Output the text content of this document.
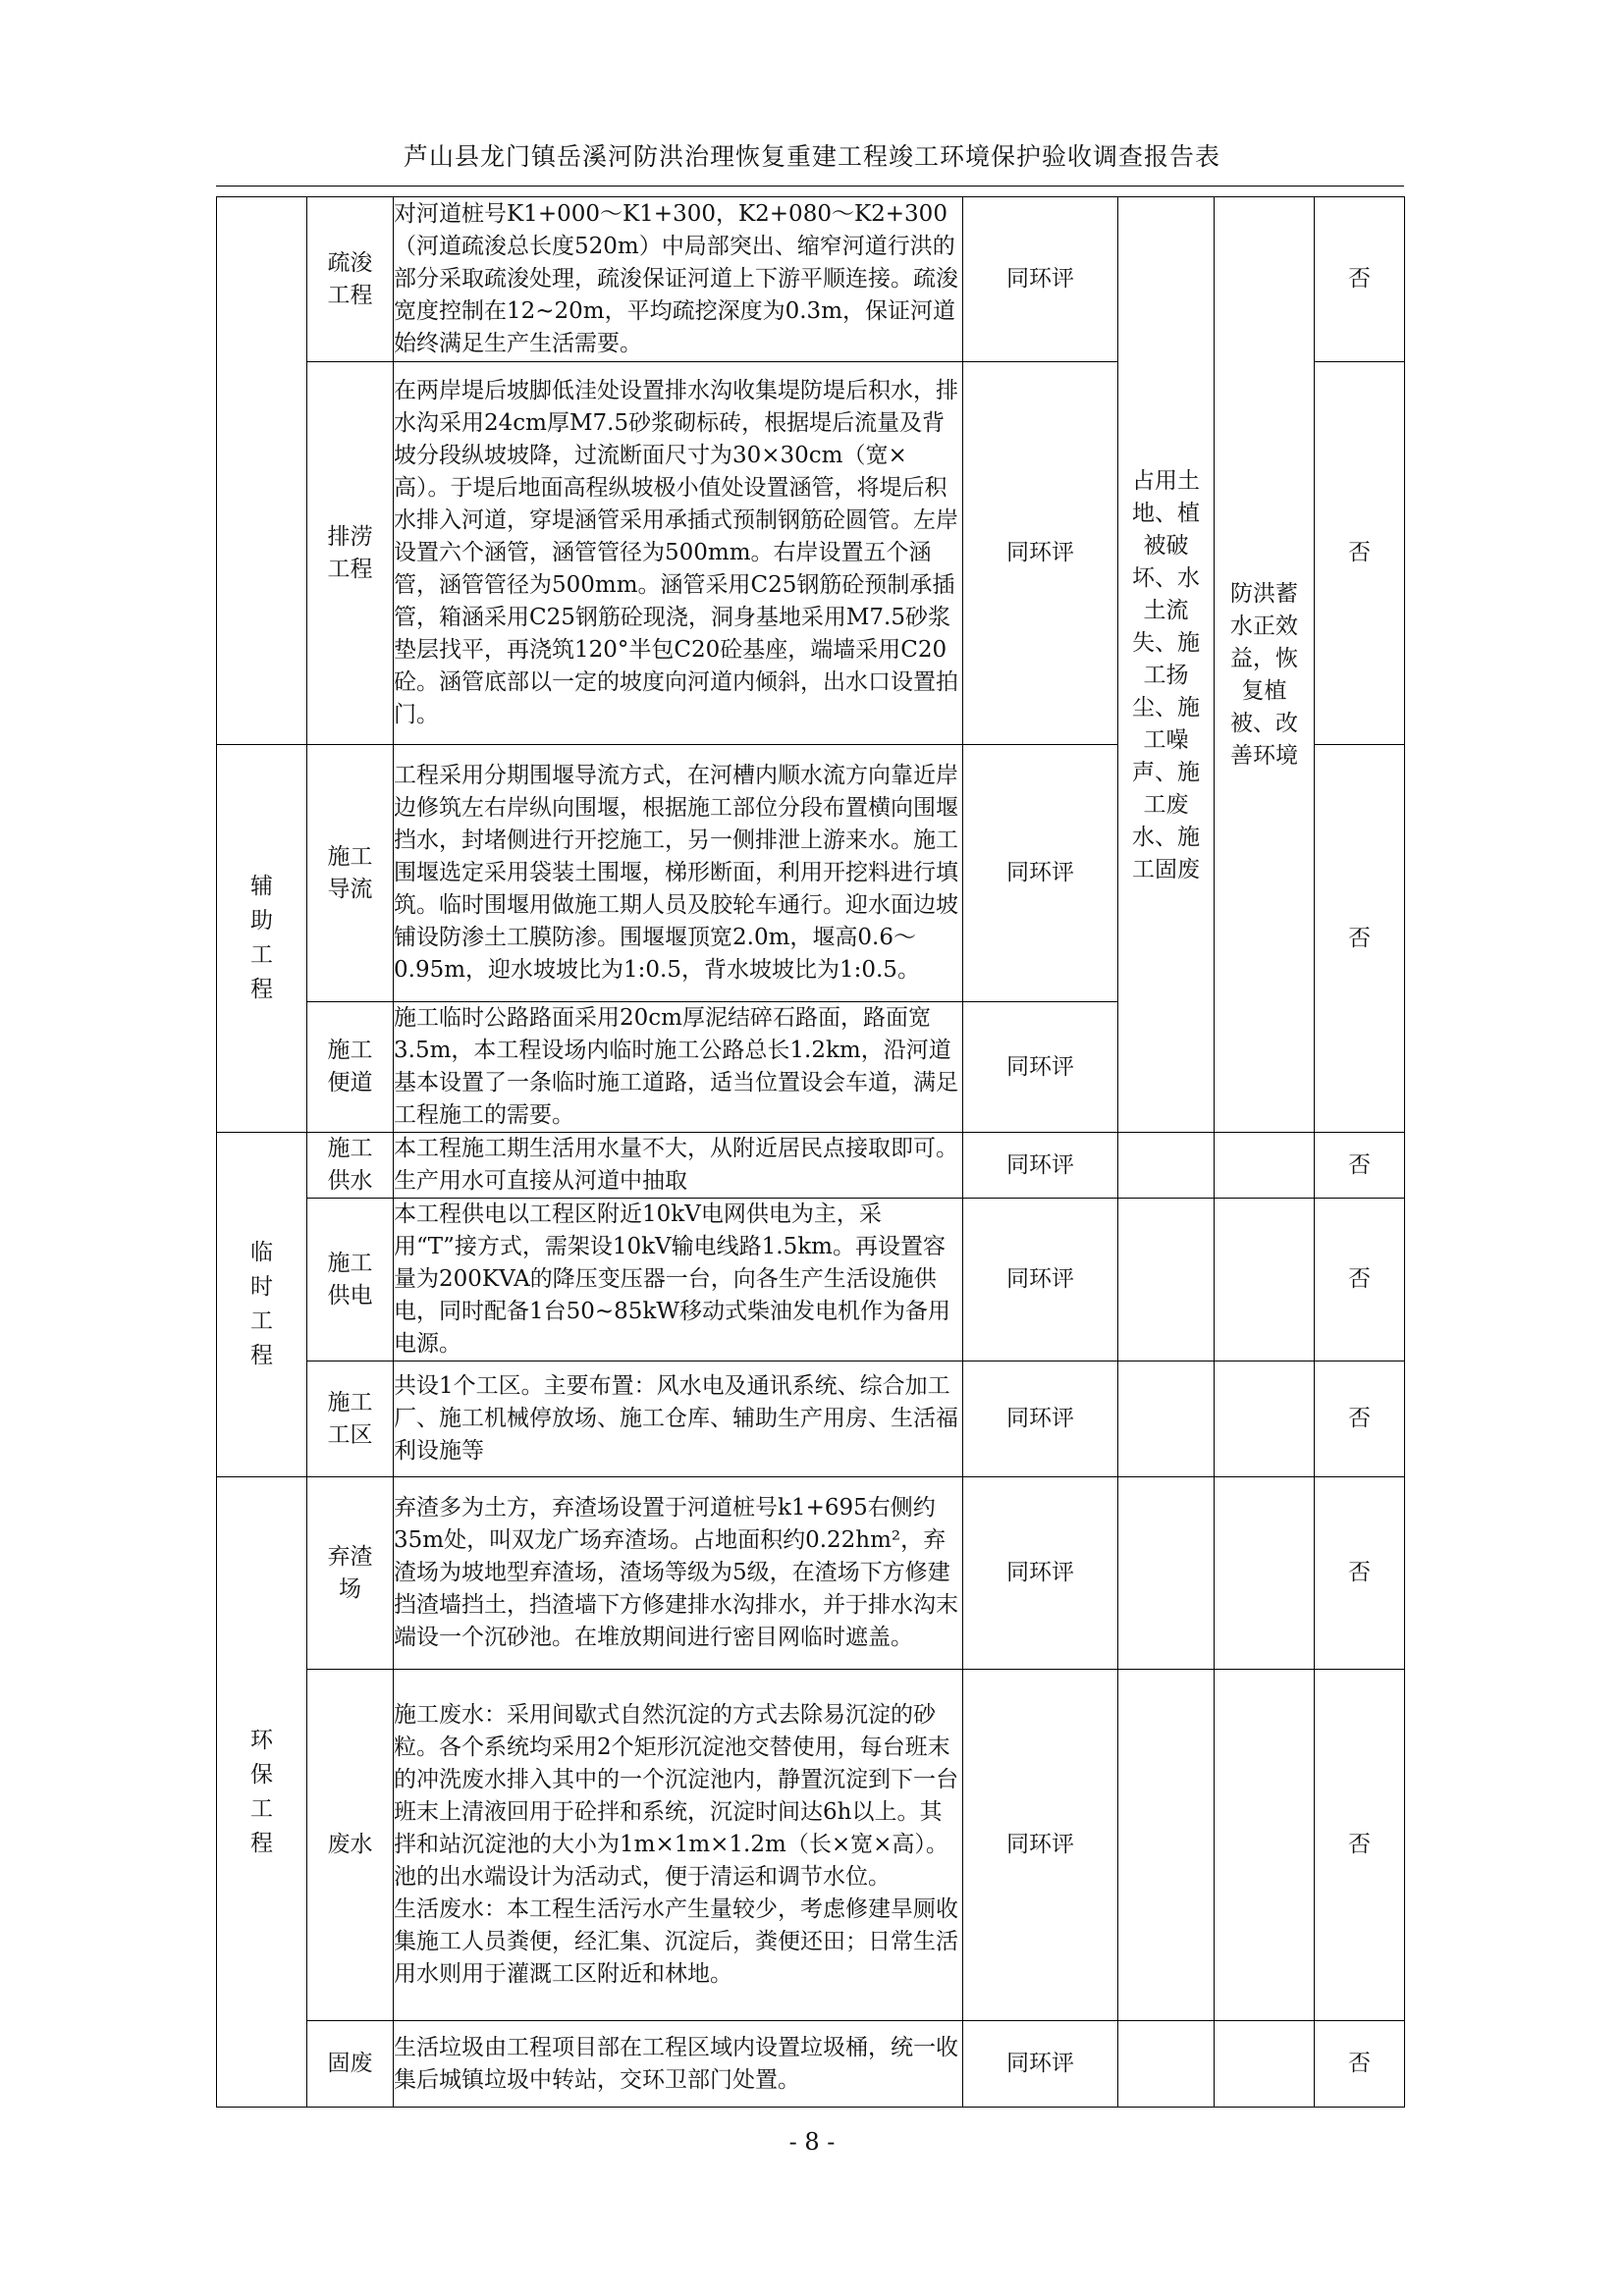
芦山县龙门镇岳溪河防洪治理恢复重建工程竣工环境保护验收调查报告表

	疏浚工程	对河道桩号K1+000～K1+300，K2+080～K2+300（河道疏浚总长度520m）中局部突出、缩窄河道行洪的部分采取疏浚处理，疏浚保证河道上下游平顺连接。疏浚宽度控制在12~20m，平均疏挖深度为0.3m，保证河道始终满足生产生活需要。	同环评	占用土地、植被破坏、水土流失、施工扬尘、施工噪声、施工废水、施工固废	防洪蓄水正效益，恢复植被、改善环境	否

	排涝工程	在两岸堤后坡脚低洼处设置排水沟收集堤防堤后积水，排水沟采用24cm厚M7.5砂浆砌标砖，根据堤后流量及背坡分段纵坡坡降，过流断面尺寸为30×30cm（宽×高）。于堤后地面高程纵坡极小值处设置涵管，将堤后积水排入河道，穿堤涵管采用承插式预制钢筋砼圆管。左岸设置六个涵管，涵管管径为500mm。右岸设置五个涵管，涵管管径为500mm。涵管采用C25钢筋砼预制承插管，箱涵采用C25钢筋砼现浇，洞身基地采用M7.5砂浆垫层找平，再浇筑120°半包C20砼基座，端墙采用C20砼。涵管底部以一定的坡度向河道内倾斜，出水口设置拍门。	同环评			否

辅助工程	施工导流	工程采用分期围堰导流方式，在河槽内顺水流方向靠近岸边修筑左右岸纵向围堰，根据施工部位分段布置横向围堰挡水，封堵侧进行开挖施工，另一侧排泄上游来水。施工围堰选定采用袋装土围堰，梯形断面，利用开挖料进行填筑。临时围堰用做施工期人员及胶轮车通行。迎水面边坡铺设防渗土工膜防渗。围堰堰顶宽2.0m，堰高0.6～0.95m，迎水坡坡比为1:0.5，背水坡坡比为1:0.5。	同环评			否

	施工便道	施工临时公路路面采用20cm厚泥结碎石路面，路面宽3.5m，本工程设场内临时施工公路总长1.2km，沿河道基本设置了一条临时施工道路，适当位置设会车道，满足工程施工的需要。	同环评			

临时工程	施工供水	本工程施工期生活用水量不大，从附近居民点接取即可。生产用水可直接从河道中抽取	同环评			否

	施工供电	本工程供电以工程区附近10kV电网供电为主，采用“T”接方式，需架设10kV输电线路1.5km。再设置容量为200KVA的降压变压器一台，向各生产生活设施供电，同时配备1台50~85kW移动式柴油发电机作为备用电源。	同环评			否

	施工工区	共设1个工区。主要布置：风水电及通讯系统、综合加工厂、施工机械停放场、施工仓库、辅助生产用房、生活福利设施等	同环评			否

环保工程	弃渣场	弃渣多为土方，弃渣场设置于河道桩号k1+695右侧约35m处，叫双龙广场弃渣场。占地面积约0.22hm²，弃渣场为坡地型弃渣场，渣场等级为5级，在渣场下方修建挡渣墙挡土，挡渣墙下方修建排水沟排水，并于排水沟末端设一个沉砂池。在堆放期间进行密目网临时遮盖。	同环评			否

	废水	施工废水：采用间歇式自然沉淀的方式去除易沉淀的砂粒。各个系统均采用2个矩形沉淀池交替使用，每台班末的冲洗废水排入其中的一个沉淀池内，静置沉淀到下一台班末上清液回用于砼拌和系统，沉淀时间达6h以上。其拌和站沉淀池的大小为1m×1m×1.2m（长×宽×高）。池的出水端设计为活动式，便于清运和调节水位。
生活废水：本工程生活污水产生量较少，考虑修建旱厕收集施工人员粪便，经汇集、沉淀后，粪便还田；日常生活用水则用于灌溉工区附近和林地。	同环评			否

	固废	生活垃圾由工程项目部在工程区域内设置垃圾桶，统一收集后城镇垃圾中转站，交环卫部门处置。	同环评			否
- 8 -
